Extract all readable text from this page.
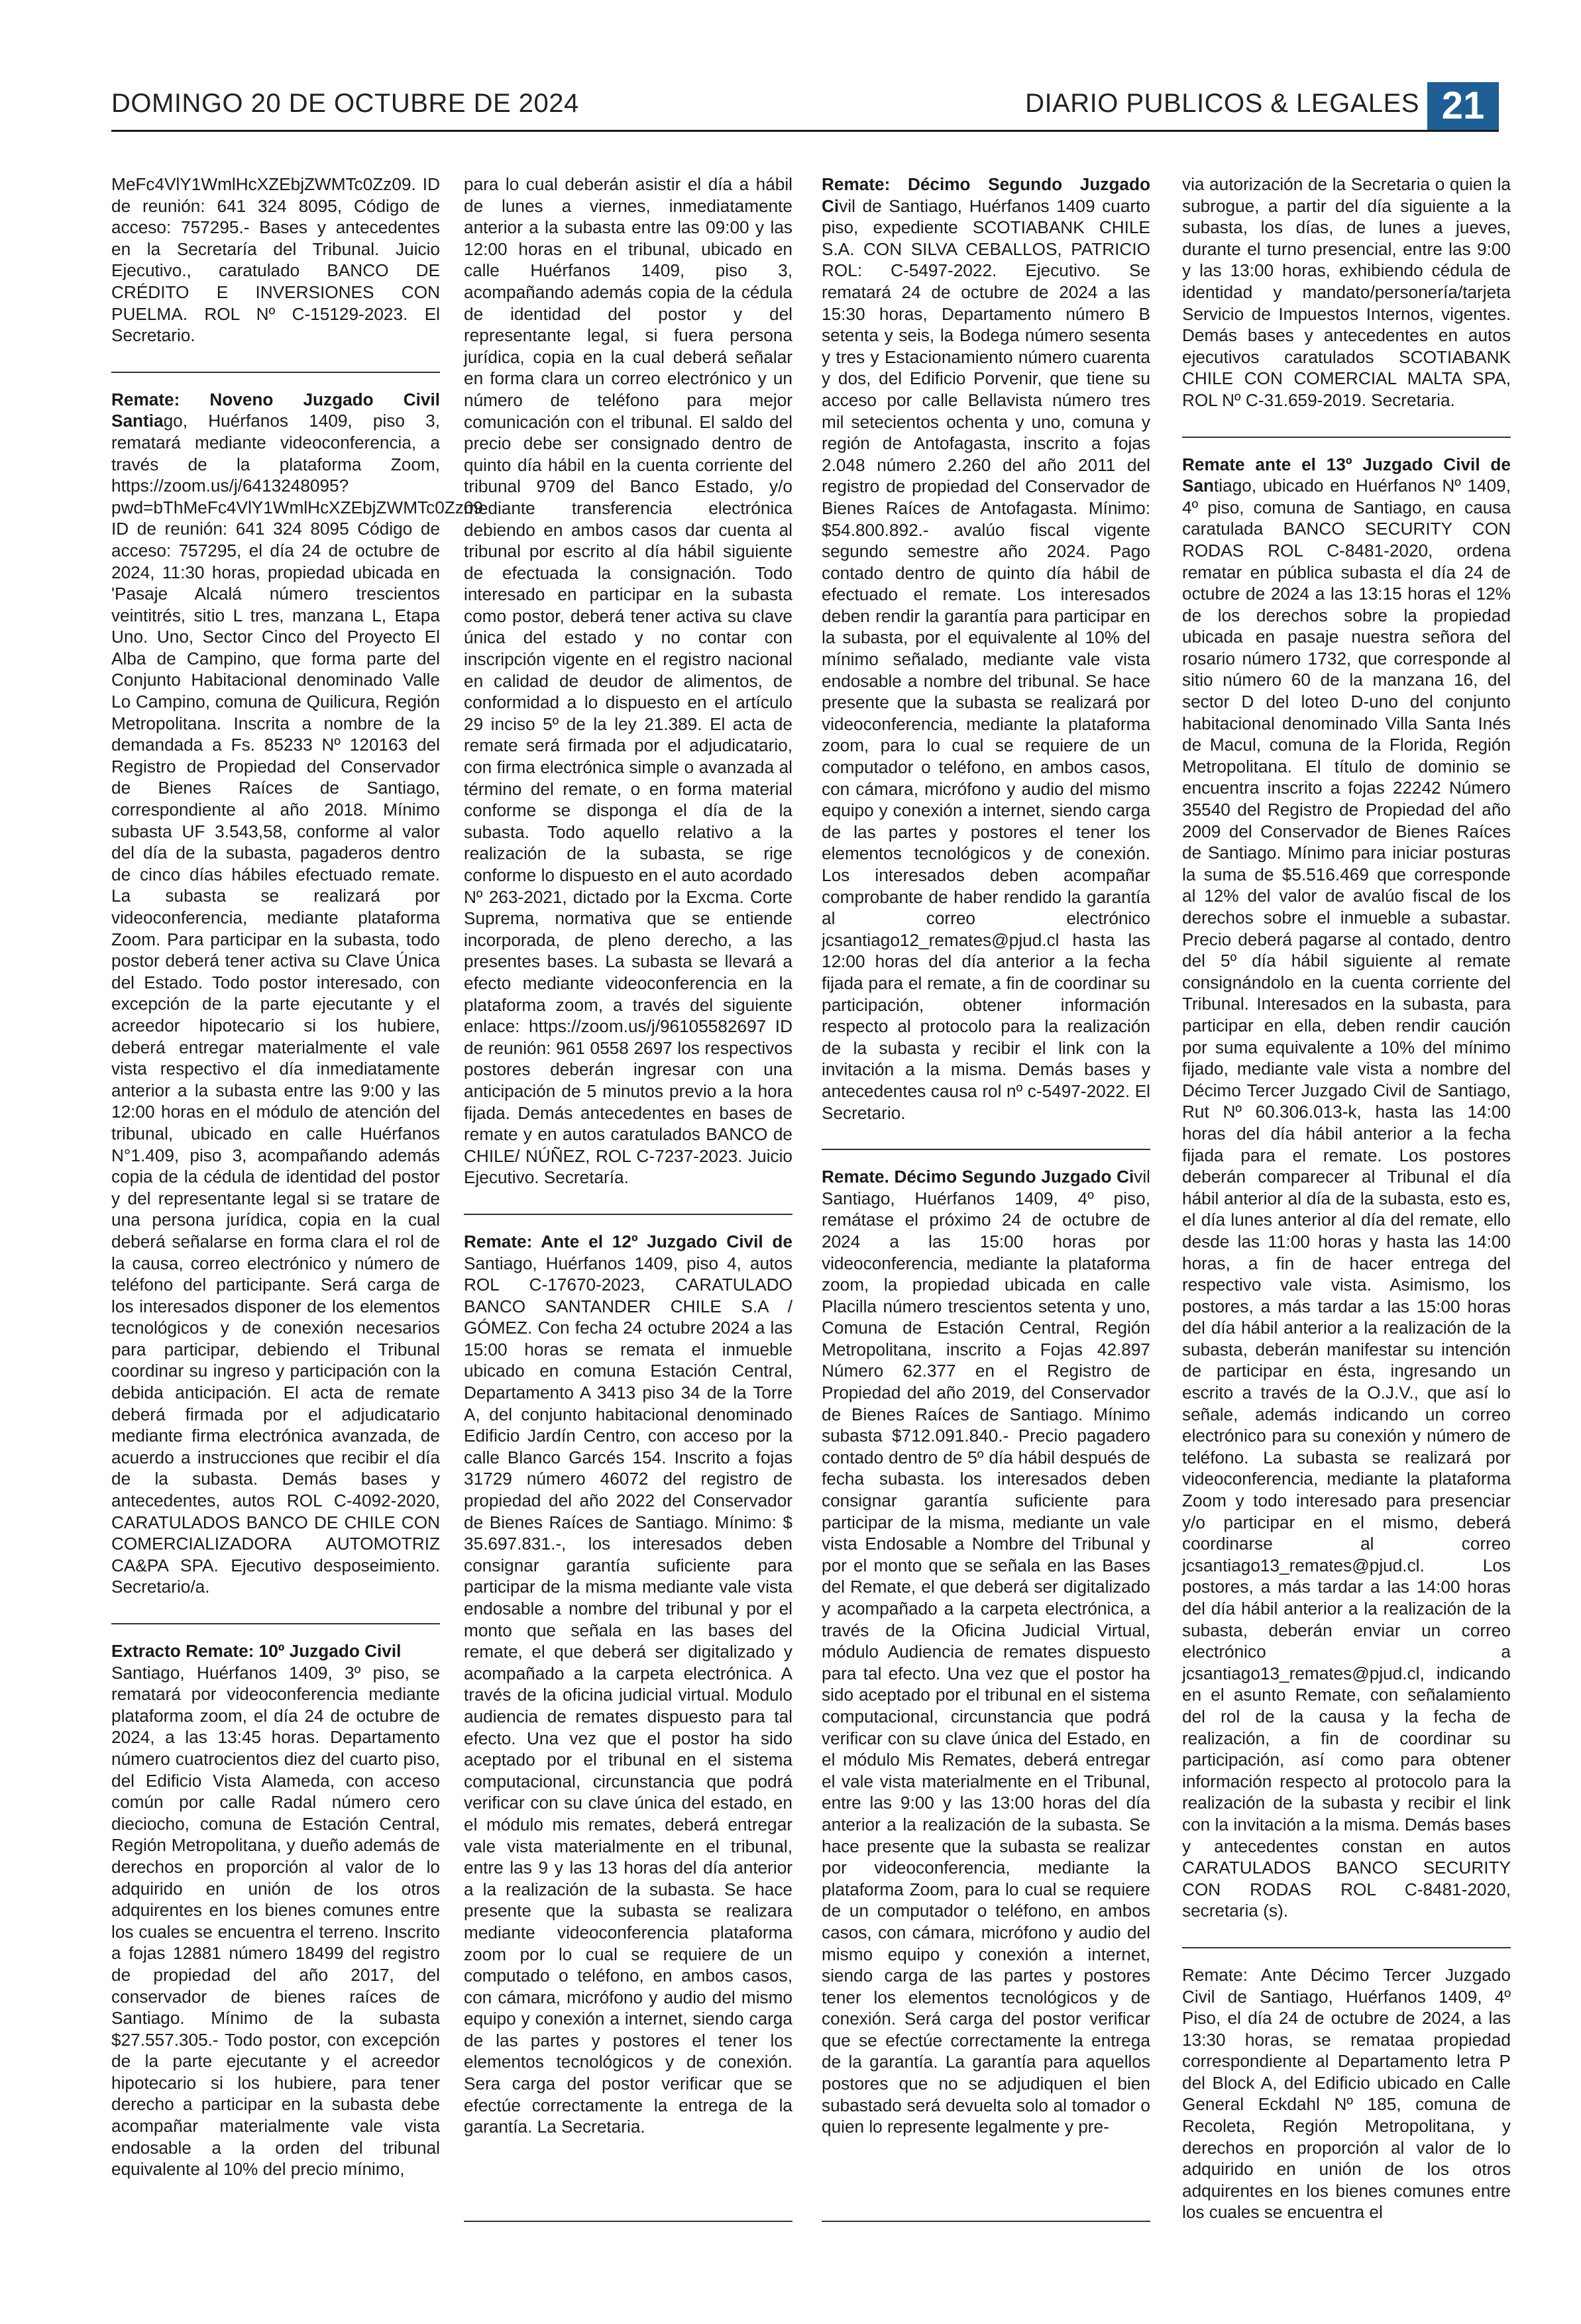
DOMINGO 20 DE OCTUBRE DE 2024	DIARIO PUBLICOS & LEGALES 21

MeFc4VlY1WmlHcXZEbjZWMTc0Zz09. ID de reunión: 641 324 8095, Código de acceso: 757295.- Bases y antecedentes en la Secretaría del Tribunal. Juicio Ejecutivo., caratulado BANCO DE CRÉDITO E INVERSIONES CON PUELMA. ROL Nº C-15129-2023. El Secretario.

Remate: Noveno Juzgado Civil Santiago, Huérfanos 1409, piso 3, rematará mediante videoconferencia, a través de la plataforma Zoom, https://zoom.us/j/6413248095?pwd=bThMeFc4VlY1WmlHcXZEbjZWMTc0Zz09 ID de reunión: 641 324 8095 Código de acceso: 757295, el día 24 de octubre de 2024, 11:30 horas, propiedad ubicada en 'Pasaje Alcalá número trescientos veintitrés, sitio L tres, manzana L, Etapa Uno. Uno, Sector Cinco del Proyecto El Alba de Campino, que forma parte del Conjunto Habitacional denominado Valle Lo Campino, comuna de Quilicura, Región Metropolitana. Inscrita a nombre de la demandada a Fs. 85233 Nº 120163 del Registro de Propiedad del Conservador de Bienes Raíces de Santiago, correspondiente al año 2018. Mínimo subasta UF 3.543,58, conforme al valor del día de la subasta, pagaderos dentro de cinco días hábiles efectuado remate. La subasta se realizará por videoconferencia, mediante plataforma Zoom. Para participar en la subasta, todo postor deberá tener activa su Clave Única del Estado. Todo postor interesado, con excepción de la parte ejecutante y el acreedor hipotecario si los hubiere, deberá entregar materialmente el vale vista respectivo el día inmediatamente anterior a la subasta entre las 9:00 y las 12:00 horas en el módulo de atención del tribunal, ubicado en calle Huérfanos N°1.409, piso 3, acompañando además copia de la cédula de identidad del postor y del representante legal si se tratare de una persona jurídica, copia en la cual deberá señalarse en forma clara el rol de la causa, correo electrónico y número de teléfono del participante. Será carga de los interesados disponer de los elementos tecnológicos y de conexión necesarios para participar, debiendo el Tribunal coordinar su ingreso y participación con la debida anticipación. El acta de remate deberá firmada por el adjudicatario mediante firma electrónica avanzada, de acuerdo a instrucciones que recibir el día de la subasta. Demás bases y antecedentes, autos ROL C-4092-2020, CARATULADOS BANCO DE CHILE CON COMERCIALIZADORA AUTOMOTRIZ CA&PA SPA. Ejecutivo desposeimiento. Secretario/a.

Extracto Remate: 10º Juzgado Civil

Santiago, Huérfanos 1409, 3º piso, se rematará por videoconferencia mediante plataforma zoom, el día 24 de octubre de 2024, a las 13:45 horas. Departamento número cuatrocientos diez del cuarto piso, del Edificio Vista Alameda, con acceso común por calle Radal número cero dieciocho, comuna de Estación Central, Región Metropolitana, y dueño además de derechos en proporción al valor de lo adquirido en unión de los otros adquirentes en los bienes comunes entre los cuales se encuentra el terreno. Inscrito a fojas 12881 número 18499 del registro de propiedad del año 2017, del conservador de bienes raíces de Santiago. Mínimo de la subasta $27.557.305.- Todo postor, con excepción de la parte ejecutante y el acreedor hipotecario si los hubiere, para tener derecho a participar en la subasta debe acompañar materialmente vale vista endosable a la orden del tribunal equivalente al 10% del precio mínimo,

para lo cual deberán asistir el día a hábil de lunes a viernes, inmediatamente anterior a la subasta entre las 09:00 y las 12:00 horas en el tribunal, ubicado en calle Huérfanos 1409, piso 3, acompañando además copia de la cédula de identidad del postor y del representante legal, si fuera persona jurídica, copia en la cual deberá señalar en forma clara un correo electrónico y un número de teléfono para mejor comunicación con el tribunal. El saldo del precio debe ser consignado dentro de quinto día hábil en la cuenta corriente del tribunal 9709 del Banco Estado, y/o mediante transferencia electrónica debiendo en ambos casos dar cuenta al tribunal por escrito al día hábil siguiente de efectuada la consignación. Todo interesado en participar en la subasta como postor, deberá tener activa su clave única del estado y no contar con inscripción vigente en el registro nacional en calidad de deudor de alimentos, de conformidad a lo dispuesto en el artículo 29 inciso 5º de la ley 21.389. El acta de remate será firmada por el adjudicatario, con firma electrónica simple o avanzada al término del remate, o en forma material conforme se disponga el día de la subasta. Todo aquello relativo a la realización de la subasta, se rige conforme lo dispuesto en el auto acordado Nº 263-2021, dictado por la Excma. Corte Suprema, normativa que se entiende incorporada, de pleno derecho, a las presentes bases. La subasta se llevará a efecto mediante videoconferencia en la plataforma zoom, a través del siguiente enlace: https://zoom.us/j/96105582697 ID de reunión: 961 0558 2697 los respectivos postores deberán ingresar con una anticipación de 5 minutos previo a la hora fijada. Demás antecedentes en bases de remate y en autos caratulados BANCO de CHILE/ NÚÑEZ, ROL C-7237-2023. Juicio Ejecutivo. Secretaría.

Remate: Ante el 12º Juzgado Civil de Santiago, Huérfanos 1409, piso 4, autos ROL C-17670-2023, CARATULADO BANCO SANTANDER CHILE S.A / GÓMEZ. Con fecha 24 octubre 2024 a las 15:00 horas se remata el inmueble ubicado en comuna Estación Central, Departamento A 3413 piso 34 de la Torre A, del conjunto habitacional denominado Edificio Jardín Centro, con acceso por la calle Blanco Garcés 154. Inscrito a fojas 31729 número 46072 del registro de propiedad del año 2022 del Conservador de Bienes Raíces de Santiago. Mínimo: $ 35.697.831.-, los interesados deben consignar garantía suficiente para participar de la misma mediante vale vista endosable a nombre del tribunal y por el monto que señala en las bases del remate, el que deberá ser digitalizado y acompañado a la carpeta electrónica. A través de la oficina judicial virtual. Modulo audiencia de remates dispuesto para tal efecto. Una vez que el postor ha sido aceptado por el tribunal en el sistema computacional, circunstancia que podrá verificar con su clave única del estado, en el módulo mis remates, deberá entregar vale vista materialmente en el tribunal, entre las 9 y las 13 horas del día anterior a la realización de la subasta. Se hace presente que la subasta se realizara mediante videoconferencia plataforma zoom por lo cual se requiere de un computado o teléfono, en ambos casos, con cámara, micrófono y audio del mismo equipo y conexión a internet, siendo carga de las partes y postores el tener los elementos tecnológicos y de conexión. Sera carga del postor verificar que se efectúe correctamente la entrega de la garantía. La Secretaria.

Remate: Décimo Segundo Juzgado Civil de Santiago, Huérfanos 1409 cuarto piso, expediente SCOTIABANK CHILE S.A. CON SILVA CEBALLOS, PATRICIO ROL: C-5497-2022. Ejecutivo. Se rematará 24 de octubre de 2024 a las 15:30 horas, Departamento número B setenta y seis, la Bodega número sesenta y tres y Estacionamiento número cuarenta y dos, del Edificio Porvenir, que tiene su acceso por calle Bellavista número tres mil setecientos ochenta y uno, comuna y región de Antofagasta, inscrito a fojas 2.048 número 2.260 del año 2011 del registro de propiedad del Conservador de Bienes Raíces de Antofagasta. Mínimo: $54.800.892.- avalúo fiscal vigente segundo semestre año 2024. Pago contado dentro de quinto día hábil de efectuado el remate. Los interesados deben rendir la garantía para participar en la subasta, por el equivalente al 10% del mínimo señalado, mediante vale vista endosable a nombre del tribunal. Se hace presente que la subasta se realizará por videoconferencia, mediante la plataforma zoom, para lo cual se requiere de un computador o teléfono, en ambos casos, con cámara, micrófono y audio del mismo equipo y conexión a internet, siendo carga de las partes y postores el tener los elementos tecnológicos y de conexión. Los interesados deben acompañar comprobante de haber rendido la garantía al correo electrónico jcsantiago12_remates@pjud.cl hasta las 12:00 horas del día anterior a la fecha fijada para el remate, a fin de coordinar su participación, obtener información respecto al protocolo para la realización de la subasta y recibir el link con la invitación a la misma. Demás bases y antecedentes causa rol nº c-5497-2022. El Secretario.

Remate. Décimo Segundo Juzgado Civil Santiago, Huérfanos 1409, 4º piso, remátase el próximo 24 de octubre de 2024 a las 15:00 horas por videoconferencia, mediante la plataforma zoom, la propiedad ubicada en calle Placilla número trescientos setenta y uno, Comuna de Estación Central, Región Metropolitana, inscrito a Fojas 42.897 Número 62.377 en el Registro de Propiedad del año 2019, del Conservador de Bienes Raíces de Santiago. Mínimo subasta $712.091.840.- Precio pagadero contado dentro de 5º día hábil después de fecha subasta. los interesados deben consignar garantía suficiente para participar de la misma, mediante un vale vista Endosable a Nombre del Tribunal y por el monto que se señala en las Bases del Remate, el que deberá ser digitalizado y acompañado a la carpeta electrónica, a través de la Oficina Judicial Virtual, módulo Audiencia de remates dispuesto para tal efecto. Una vez que el postor ha sido aceptado por el tribunal en el sistema computacional, circunstancia que podrá verificar con su clave única del Estado, en el módulo Mis Remates, deberá entregar el vale vista materialmente en el Tribunal, entre las 9:00 y las 13:00 horas del día anterior a la realización de la subasta. Se hace presente que la subasta se realizar por videoconferencia, mediante la plataforma Zoom, para lo cual se requiere de un computador o teléfono, en ambos casos, con cámara, micrófono y audio del mismo equipo y conexión a internet, siendo carga de las partes y postores tener los elementos tecnológicos y de conexión. Será carga del postor verificar que se efectúe correctamente la entrega de la garantía. La garantía para aquellos postores que no se adjudiquen el bien subastado será devuelta solo al tomador o quien lo represente legalmente y pre-

via autorización de la Secretaria o quien la subrogue, a partir del día siguiente a la subasta, los días, de lunes a jueves, durante el turno presencial, entre las 9:00 y las 13:00 horas, exhibiendo cédula de identidad y mandato/personería/tarjeta Servicio de Impuestos Internos, vigentes. Demás bases y antecedentes en autos ejecutivos caratulados SCOTIABANK CHILE CON COMERCIAL MALTA SPA, ROL Nº C-31.659-2019. Secretaria.

Remate ante el 13º Juzgado Civil de Santiago, ubicado en Huérfanos Nº 1409, 4º piso, comuna de Santiago, en causa caratulada BANCO SECURITY CON RODAS ROL C-8481-2020, ordena rematar en pública subasta el día 24 de octubre de 2024 a las 13:15 horas el 12% de los derechos sobre la propiedad ubicada en pasaje nuestra señora del rosario número 1732, que corresponde al sitio número 60 de la manzana 16, del sector D del loteo D-uno del conjunto habitacional denominado Villa Santa Inés de Macul, comuna de la Florida, Región Metropolitana. El título de dominio se encuentra inscrito a fojas 22242 Número 35540 del Registro de Propiedad del año 2009 del Conservador de Bienes Raíces de Santiago. Mínimo para iniciar posturas la suma de $5.516.469 que corresponde al 12% del valor de avalúo fiscal de los derechos sobre el inmueble a subastar. Precio deberá pagarse al contado, dentro del 5º día hábil siguiente al remate consignándolo en la cuenta corriente del Tribunal. Interesados en la subasta, para participar en ella, deben rendir caución por suma equivalente a 10% del mínimo fijado, mediante vale vista a nombre del Décimo Tercer Juzgado Civil de Santiago, Rut Nº 60.306.013-k, hasta las 14:00 horas del día hábil anterior a la fecha fijada para el remate. Los postores deberán comparecer al Tribunal el día hábil anterior al día de la subasta, esto es, el día lunes anterior al día del remate, ello desde las 11:00 horas y hasta las 14:00 horas, a fin de hacer entrega del respectivo vale vista. Asimismo, los postores, a más tardar a las 15:00 horas del día hábil anterior a la realización de la subasta, deberán manifestar su intención de participar en ésta, ingresando un escrito a través de la O.J.V., que así lo señale, además indicando un correo electrónico para su conexión y número de teléfono. La subasta se realizará por videoconferencia, mediante la plataforma Zoom y todo interesado para presenciar y/o participar en el mismo, deberá coordinarse al correo jcsantiago13_remates@pjud.cl. Los postores, a más tardar a las 14:00 horas del día hábil anterior a la realización de la subasta, deberán enviar un correo electrónico a jcsantiago13_remates@pjud.cl, indicando en el asunto Remate, con señalamiento del rol de la causa y la fecha de realización, a fin de coordinar su participación, así como para obtener información respecto al protocolo para la realización de la subasta y recibir el link con la invitación a la misma. Demás bases y antecedentes constan en autos CARATULADOS BANCO SECURITY CON RODAS ROL C-8481-2020, secretaria (s).

Remate: Ante Décimo Tercer Juzgado Civil de Santiago, Huérfanos 1409, 4º Piso, el día 24 de octubre de 2024, a las 13:30 horas, se remataa propiedad correspondiente al Departamento letra P del Block A, del Edificio ubicado en Calle General Eckdahl Nº 185, comuna de Recoleta, Región Metropolitana, y derechos en proporción al valor de lo adquirido en unión de los otros adquirentes en los bienes comunes entre los cuales se encuentra el
